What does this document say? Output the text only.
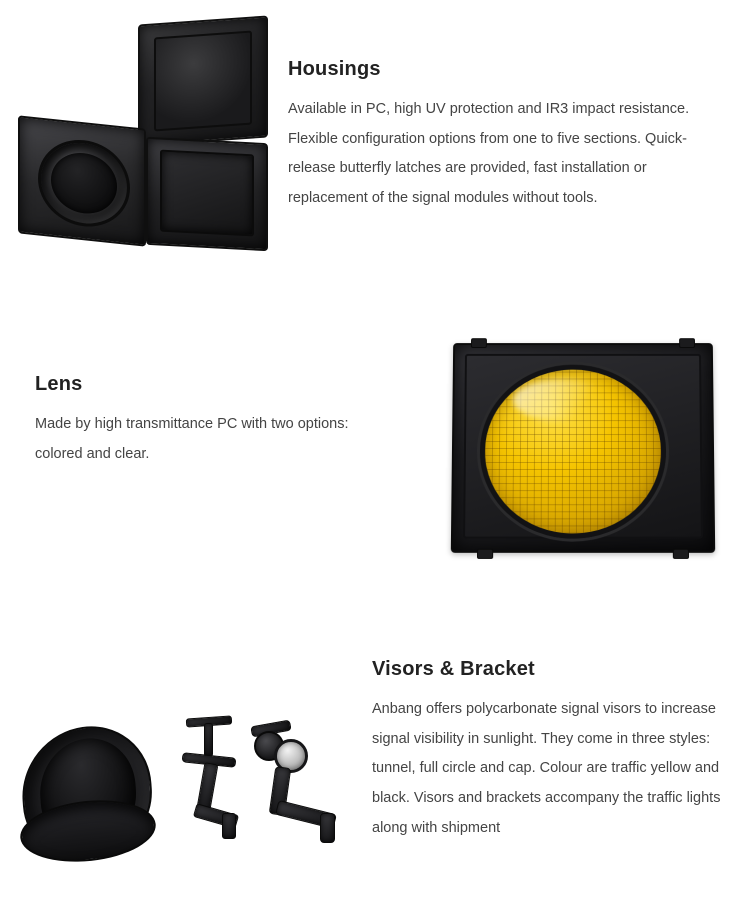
Housings

Available in PC, high UV protection and IR3 impact resistance. Flexible configuration options from one to five sections. Quick-release butterfly latches are provided, fast installation or replacement of the signal modules without tools.

Lens

Made by high transmittance PC with two options: colored and clear.

Visors & Bracket

Anbang offers polycarbonate signal visors to increase signal visibility in sunlight. They come in three styles: tunnel, full circle and cap. Colour are traffic yellow and black. Visors and brackets accompany the traffic lights along with shipment
